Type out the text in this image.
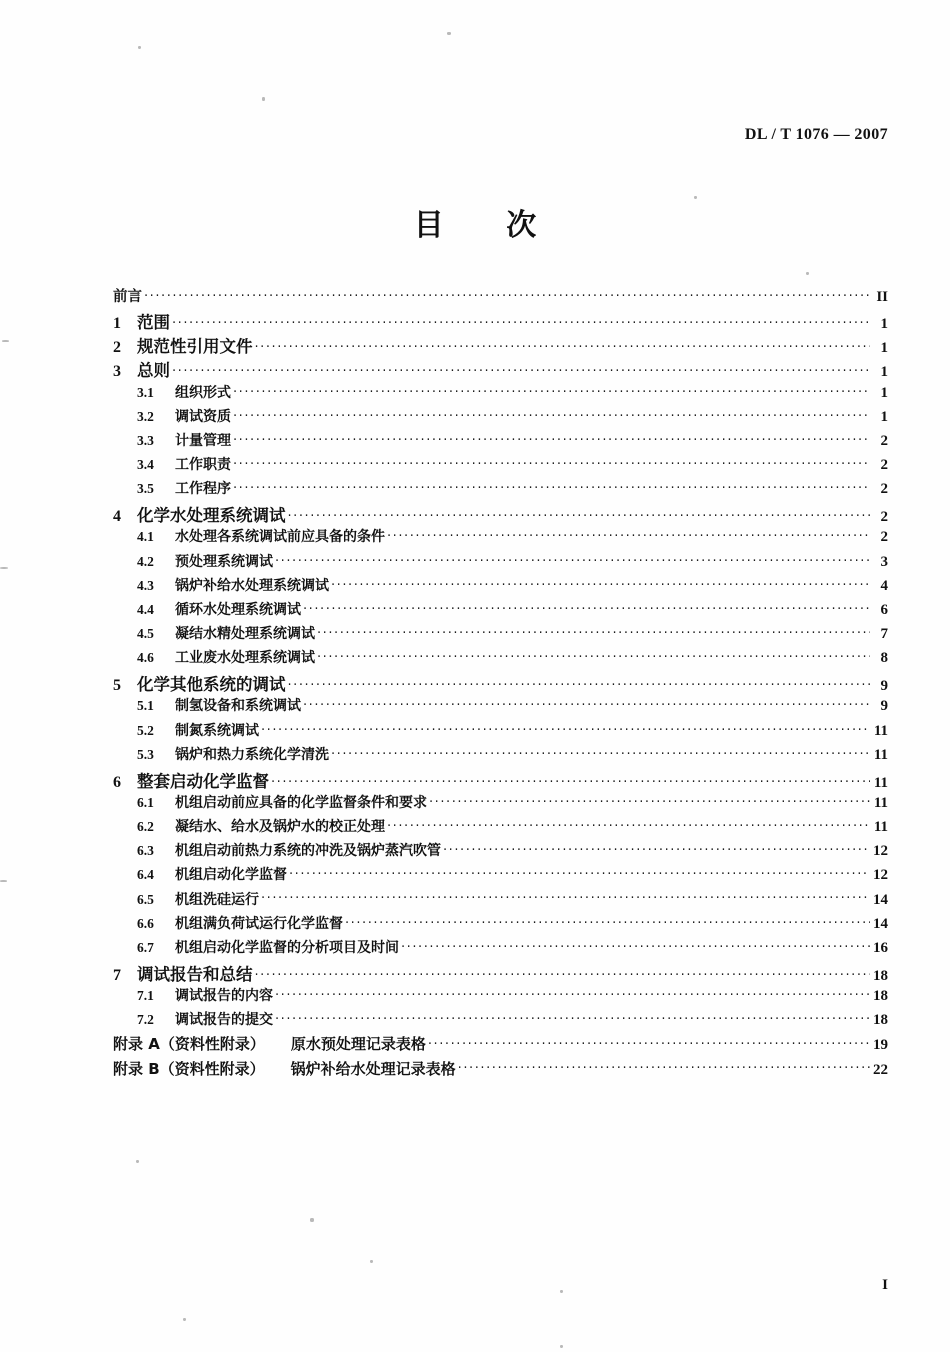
DL / T 1076 — 2007
目 次
前言 .....	II
1 范围 .....	1
2 规范性引用文件 .....	1
3 总则 .....	1
3.1	组织形式 .....	1
3.2	调试资质 .....	1
3.3	计量管理 .....	2
3.4	工作职责 .....	2
3.5	工作程序 .....	2
4 化学水处理系统调试 .....	2
4.1	水处理各系统调试前应具备的条件 .....	2
4.2	预处理系统调试 .....	3
4.3	锅炉补给水处理系统调试 .....	4
4.4	循环水处理系统调试 .....	6
4.5	凝结水精处理系统调试 .....	7
4.6	工业废水处理系统调试 .....	8
5 化学其他系统的调试 .....	9
5.1	制氢设备和系统调试 .....	9
5.2	制氮系统调试 .....	11
5.3	锅炉和热力系统化学清洗 .....	11
6 整套启动化学监督 .....	11
6.1	机组启动前应具备的化学监督条件和要求 .....	11
6.2	凝结水、给水及锅炉水的校正处理 .....	11
6.3	机组启动前热力系统的冲洗及锅炉蒸汽吹管 .....	12
6.4	机组启动化学监督 .....	12
6.5	机组洗硅运行 .....	14
6.6	机组满负荷试运行化学监督 .....	14
6.7	机组启动化学监督的分析项目及时间 .....	16
7 调试报告和总结 .....	18
7.1	调试报告的内容 .....	18
7.2	调试报告的提交 .....	18
附录 A（资料性附录） 原水预处理记录表格 .....	19
附录 B（资料性附录） 锅炉补给水处理记录表格 .....	22
I
